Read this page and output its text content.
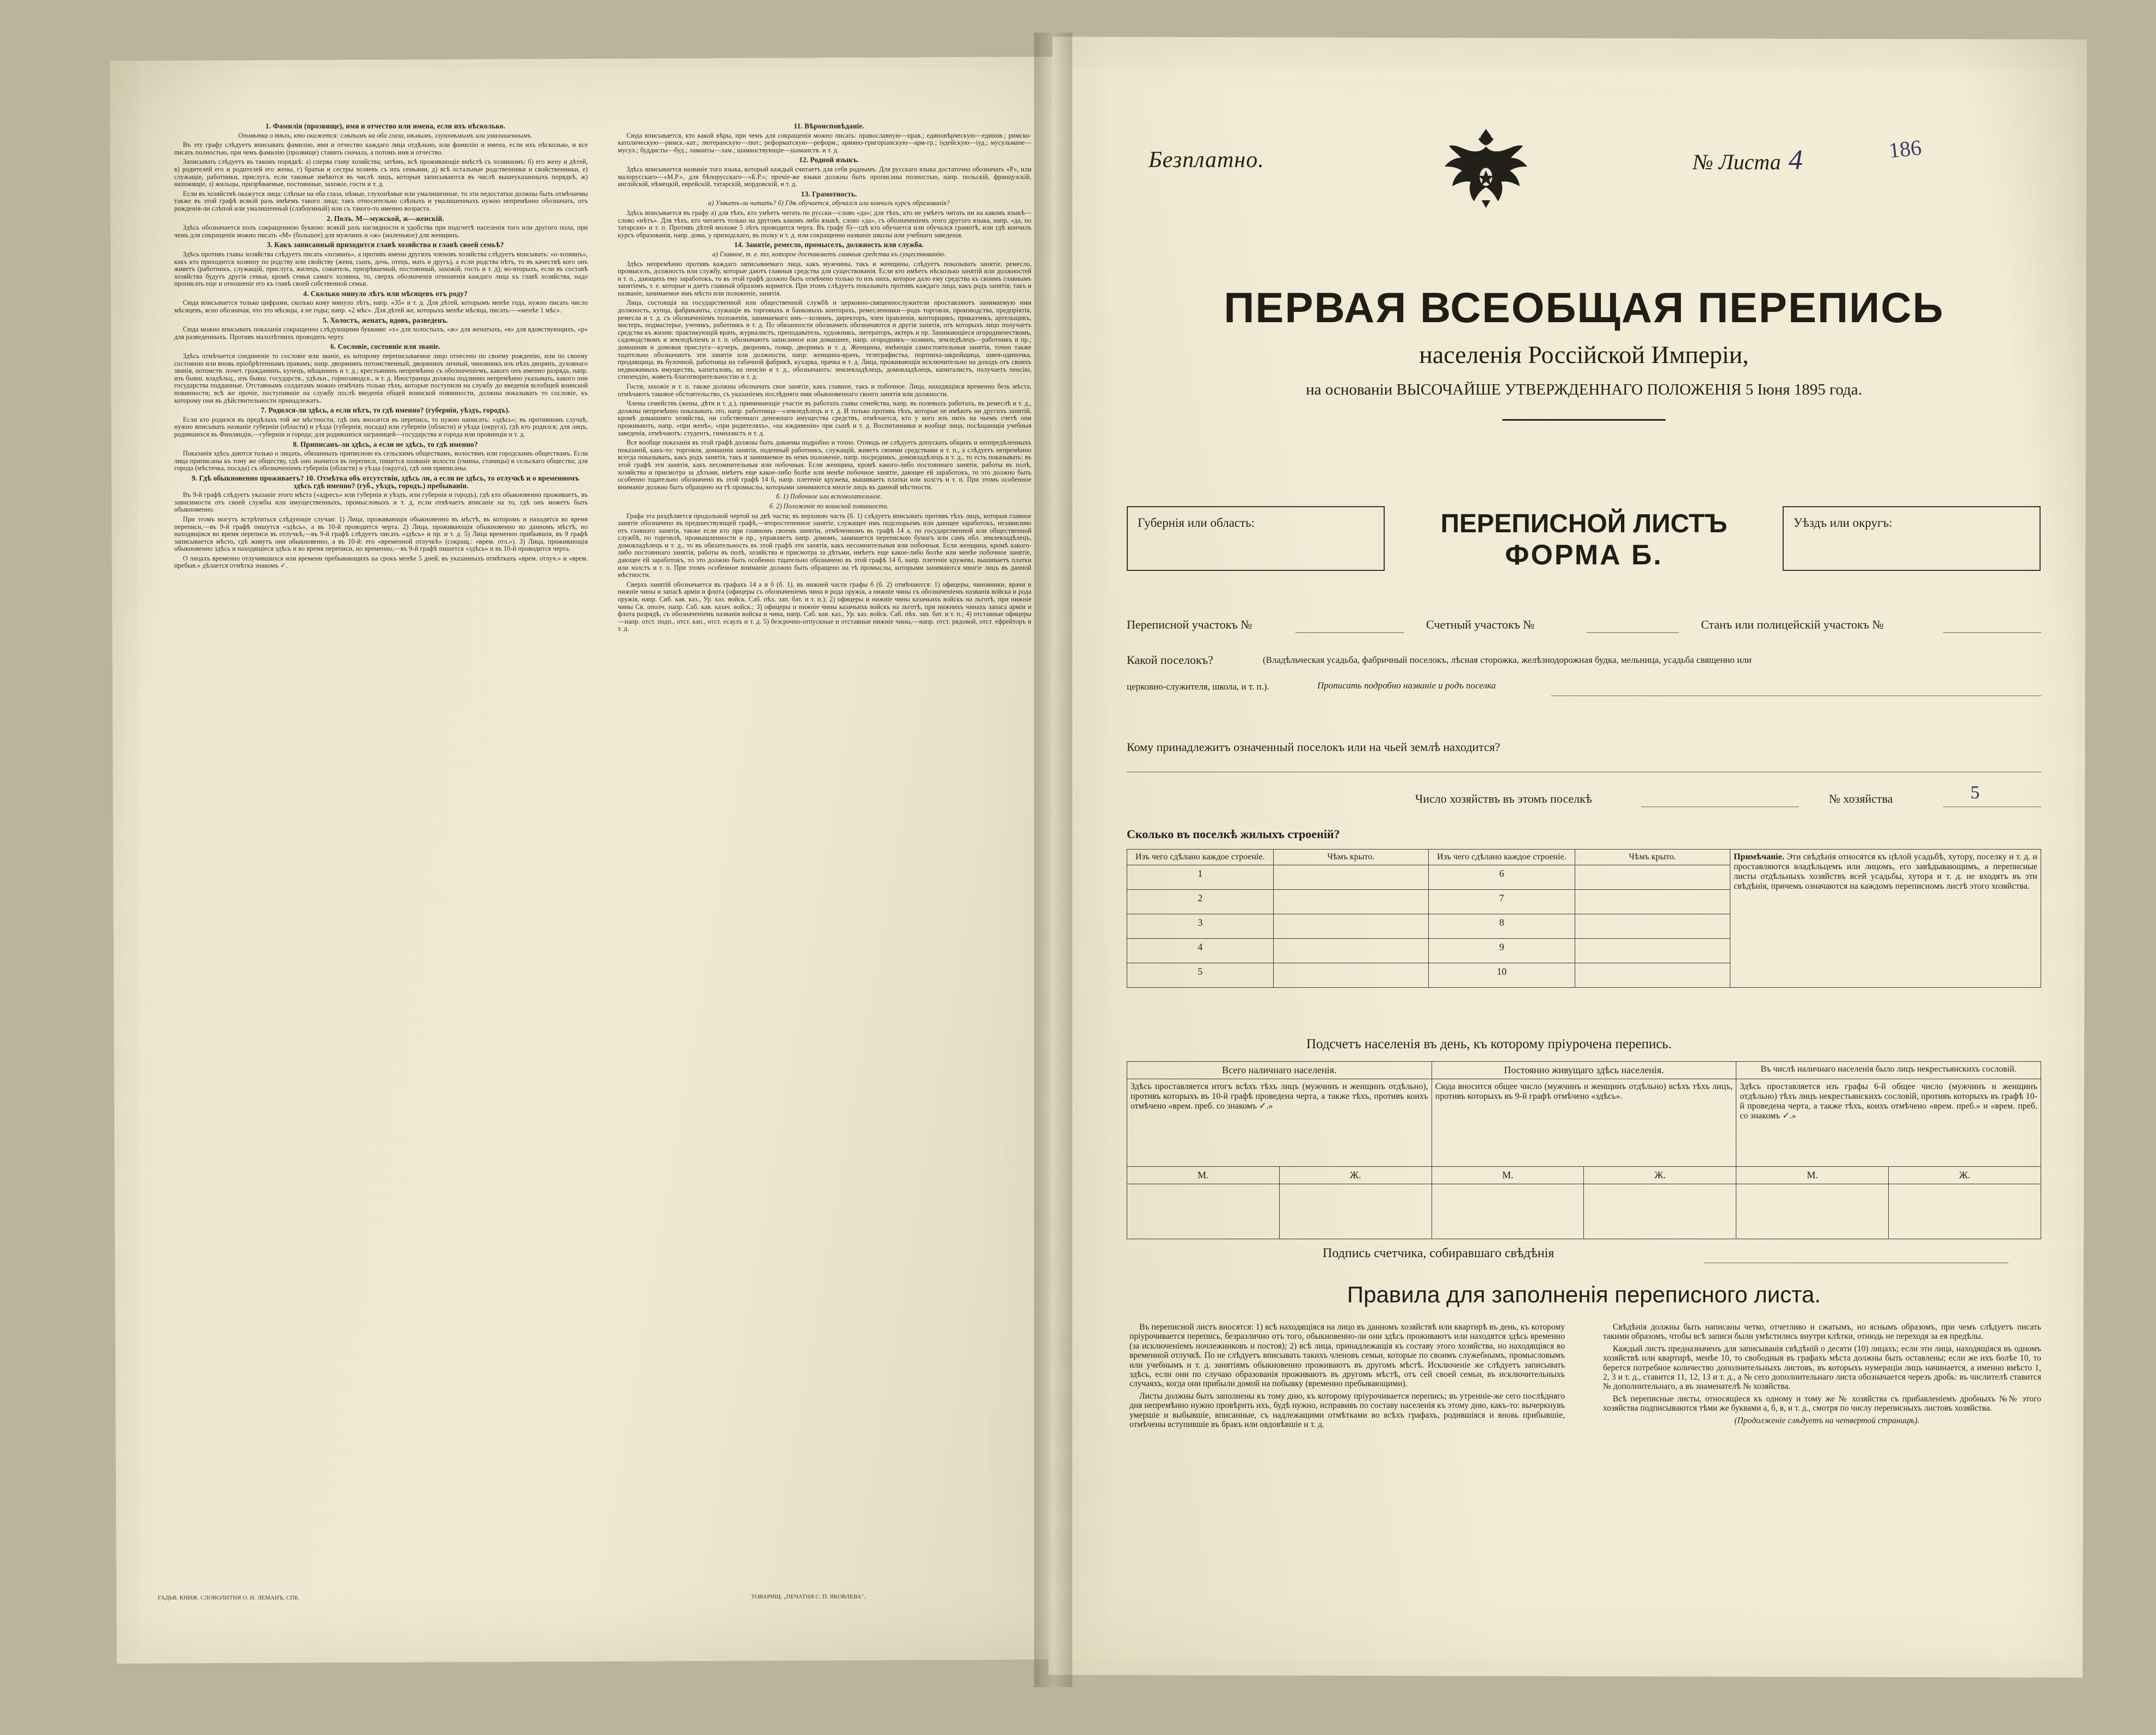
1. Фамилія (прозвище), имя и отчество или имена, если ихъ нѣсколько.

Отмѣтка о тѣхъ, кто окажется: слѣпымъ на оба глаза, нѣмымъ, глухонѣмымъ или умалишеннымъ.

Въ эту графу слѣдуетъ вписывать фамилію, имя и отчество каждаго лица отдѣльно, или фамилію и имена, если ихъ нѣсколько, и все писать полностью, при чемъ фамилію (прозвище) ставить сначала, а потомъ имя и отчество.

Записывать слѣдуетъ въ такомъ порядкѣ: а) сперва главу хозяйства; затѣмъ, всѣ проживающіе вмѣстѣ съ хозяиномъ: б) его жену и дѣтей, в) родителей его и родителей его жены, г) братьи и сестры хозяевъ съ ихъ семьями, д) всѣ остальные родственники и свойственники, е) служащіе, работники, прислуга, если таковые имѣются въ числѣ лицъ, которыя записываются въ числѣ вышеуказанныхъ порядкѣ, ж) нахожящіе, з) жильцы, призрѣваемые, постоянные, захожіе, гости и т. д.

Если въ хозяйствѣ окажутся лица: слѣпые на оба глаза, нѣмые, глухонѣмые или умалишенные, то эти недостатки должны быть отмѣчаемы также въ этой графѣ всякій разъ имѣемъ такого лица; такъ относительно слѣпыхъ и умалишенныхъ нужно непремѣнно обозначать, отъ рожденія-ли слѣпой или умалишенный (слабоумный) или съ такого-то именно возраста.

2. Полъ. М—мужской, ж—женскій.

Здѣсь обозначается полъ сокращенною буквою: всякій разъ наглядности и удобства при подсчетѣ населенія того или другого пола, при чемъ для сокращенія можно писать «М» (большое) для мужчинъ и «ж» (маленькое) для женщинъ.

3. Какъ записанный приходится главѣ хозяйства и главѣ своей семьѣ?

Здѣсь противъ главы хозяйства слѣдуетъ писать «хозяинъ», а противъ имени другихъ членовъ хозяйства слѣдуетъ вписывать: «о-хозяинъ», какъ кто приходится хозяину по родству или свойству (жена, сынъ, дочь, отецъ, мать и другъ), а если родства нѣтъ, то въ качествѣ кого онъ живетъ (работникъ, служащій, прислуга, жилецъ, сожитель, призрѣваемый, постоянный, захожій, гость и т. д); во-вторыхъ, если въ составѣ хозяйства будутъ другія семьи, кромѣ семьи самаго хозяина, то, сверхъ обозначенія отношенія каждаго лица къ главѣ хозяйства, надо прописать еще и отношеніе его къ главѣ своей собственной семьи.

4. Сколько минуло лѣтъ или мѣсяцевъ отъ роду?

Сюда вписывается только цифрами, сколько кому минуло лѣтъ, напр. «35» и т. д. Для дѣтей, которымъ менѣе года, нужно писать число мѣсяцевъ, ясно обозначая, что это мѣсяцы, а не годы; напр. «2 мѣс». Для дѣтей же, которыхъ менѣе мѣсяца, писать:—«менѣе 1 мѣс».

5. Холостъ, женатъ, вдовъ, разведенъ.

Сюда можно вписывать показанія сокращенно слѣдующими буквами: «х» для холостыхъ, «ж» для женатыхъ, «в» для вдовствующихъ, «р» для разведенныхъ. Противъ малолѣтнихъ проводить черту.

6. Сословіе, состояніе или званіе.

Здѣсь отмѣчается соединеніе то сословіе или званіе, къ которому переписываемое лицо отнесено по своему рожденію, или по своему состоянію или вновь пріобрѣтеннымъ правамъ; напр. дворянинъ потомственный, дворянинъ личный, чиновникъ изъ нѣхъ дворянъ, духовнаго званія, потомств. почет. гражданинъ, купецъ, мѣщанинъ и т. д.; крестьянинъ непремѣнно съ обозначеніемъ, какого онъ именно разряда, напр. изъ бывш. владѣльц., изъ бывш. государств., удѣльн., горнозаводск., и т. д. Иностранцы должны подлинно непремѣнно указывать, какого они государства подданные. Отставнымъ солдатамъ можно отмѣчать только тѣхъ, которые поступили на службу до введенія всеобщей воинской повинности; всѣ же прочіе, поступившіе на службу послѣ введенія общей воинской повинности, должны показывать то сословіе, къ которому они въ дѣйствительности принадлежатъ.

7. Родился-ли здѣсь, а если нѣтъ, то гдѣ именно? (губернія, уѣздъ, городъ).

Если кто родился въ предѣлахъ той же мѣстности, гдѣ онъ вносится въ перепись, то нужно написать: «здѣсь»; въ противномъ случаѣ, нужно вписывать названіе губерніи (области) и уѣзда (губернія, посада) или губерніи (области) и уѣзда (округа), гдѣ кто родился; для лицъ, родившихся въ Финляндіи,—губерніи и города; для родившихся заграницей—государства и города или провинціи и т. д.

8. Приписанъ-ли здѣсь, а если не здѣсь, то гдѣ именно?

Показанія здѣсь даются только о лицахъ, обязанныхъ приписною къ сельскимъ обществамъ, волостямъ или городскимъ обществамъ. Если лица приписаны къ тому же обществу, гдѣ оно значится въ переписи, пишется названіе волости (гмины, станицы) и сельскаго общества; для города (мѣстечка, посада) съ обозначеніемъ губерніи (области) и уѣзда (округа), гдѣ они приписаны.

9. Гдѣ обыкновенно проживаетъ? 10. Отмѣтка объ отсутствіи, здѣсь ли, а если не здѣсь, то отлучкѣ и о временномъ здѣсь гдѣ именно? (губ., уѣздъ, городъ.) пребываніи.

Въ 9-й графѣ слѣдуетъ указаніе этого мѣста («адресъ» или губернія и уѣздъ, или губернія и городъ), гдѣ кто обыкновенно проживаетъ, въ зависимости отъ своей службы или имущественныхъ, промысловыхъ и т. д, если отвѣчаетъ вписаніе на то, гдѣ онъ можетъ быть обыкновенно.

При этомъ могутъ встрѣтиться слѣдующіе случаи: 1) Лица, проживающія обыкновенно въ мѣстѣ, въ которомъ и находятся во время переписи,—въ 9-й графѣ пишутся «здѣсь», а въ 10-й проводится черта. 2) Лица, проживающія обыкновенно во данномъ мѣстѣ, но находящіяся во время переписи въ отлучкѣ,—въ 9-й графѣ слѣдуетъ писать «здѣсь» и пр. и т. д. 5) Лица временно прибывшія, въ 9 графѣ записывается мѣсто, гдѣ живутъ они обыкновенно, а въ 10-й: его «временной отлучкѣ» (сокращ.: «врем. отл.»). 3) Лица, проживающія обыкновенно здѣсь и находящіеся здѣсь и во время переписи, но временно,—въ 9-й графѣ пишется «здѣсь» и въ 10-й проводится черта.

О лицахъ временно отлучившихся или времени пребывающихъ на срокъ менѣе 5 дней, въ указанныхъ отмѣткахъ «врем. отлуч.» и «врем. пребыв.» дѣлается отмѣтка знакомъ ✓.

11. Вѣроисповѣданіе.

Сюда вписывается, кто какой вѣры, при чемъ для сокращенія можно писать: православную—прав.; единовѣрческую—единов.; римско-католическую—римск.-кат.; лютеранскую—лют.; реформатскую—реформ.; армяно-григоріанскую—арм-гр.; іудейскую—іуд.; мусульмане—мусул.; буддисты—буд.; ламаиты—лам.; шаманствующіе—шаманств. и т. д.

12. Родной языкъ.

Здѣсь вписывается названіе того языка, который каждый считаетъ для себя роднымъ. Для русскаго языка достаточно обозначать «Р», или малорусскаго—«М.Р.», для бѣлорусскаго—«Б.Р.»; прочіе-же языки должны быть прописаны полностью, напр. польскій, французскій, англійскій, нѣмецкій, еврейскій, татарскій, мордовскій, и т. д.

13. Грамотность.

а) Умѣетъ-ли читать? б) Гдѣ обучается, обучался или кончилъ курсъ образованія?

Здѣсь вписывается въ графу а) для тѣхъ, кто умѣетъ читать по русски—слово «да»; для тѣхъ, кто не умѣетъ читать ни на какомъ языкѣ—слово «нѣтъ». Для тѣхъ, кто читаетъ только на другомъ какомъ либо языкѣ, слово «да», съ обозначеніемъ этого другого языка, напр. «да, по татарски» и т. п. Противъ дѣтей моложе 5 лѣтъ проводится черта. Въ графу б)—гдѣ кто обучается или обучался грамотѣ, или гдѣ кончилъ курсъ образованія, напр. дома, у приходскаго, въ полку и т. д. или сокращенно названіе школы или учебнаго заведенія.

14. Занятіе, ремесло, промыселъ, должность или служба.

а) Главное, т. е. то, которое доставляетъ главныя средства къ существованію.

Здѣсь непремѣнно противъ каждаго записываемаго лица, какъ мужчины, такъ и женщины, слѣдуетъ показывать занятіе, ремесло, промыселъ, должность или службу, которые даютъ главныя средства для существованія. Если кто имѣетъ нѣсколько занятій или должностей и т. п., дающихъ ему заработокъ, то въ этой графѣ должно быть отмѣчено только то изъ нихъ, которое дало ему средства къ своимъ главнымъ занятіемъ, т. е. которые и даетъ главный образомъ кормятся. При этомъ слѣдуетъ показывать противъ каждаго лица, какъ родъ занятія, такъ и названіе, занимаемое имъ мѣсто или положеніе, занятія.

Лица, состоящія на государственной или общественной службѣ и церковно-священнослужители проставляютъ занимаемую ими должность, купца, фабриканты, служащіе въ торговыхъ и банковыхъ конторахъ, ремесленники—родъ торговли, производства, предпріятія, ремесла и т. д. съ обозначеніемъ положенія, занимаемаго имъ—хозяинъ, директоръ, член правленія, конторщикъ, приказчикъ, артельщикъ, мастеръ, подмастерье, ученикъ, работникъ и т. д. По обязанности обозначить обозначаются и другія занятія, отъ которыхъ лицо получаетъ средства къ жизни: практикующій врачъ, журналистъ, преподаватель, художникъ, литераторъ, актеръ и пр. Занимающіеся огородничествомъ, садоводствомъ и земледѣліемъ и т. п. обозначаютъ записанное или домашнее, напр. огородникъ—хозяинъ, земледѣлецъ—работникъ и пр.; домашняя и домовая прислуга—кучеръ, дворникъ, повар, дворникъ и т. д. Женщины, имѣющія самостоятельныя занятія, точно также тщательно обозначаютъ эти занятія или должности, напр: женщина-врачъ, телеграфистка, портниха-закройщица, швея-одиночка, продавщица, въ булочной, работница на табачной фабрикѣ, кухарка, прачка и т. д. Лица, проживающія исключительно на доходъ отъ своихъ недвижимыхъ имуществъ, капиталовъ, на пенсію и т. д., обозначаютъ: землевладѣлецъ, домовладѣлецъ, капиталистъ, получаетъ пенсію, стипендію, живетъ благотворительностію и т. д.

Гости, захожіе и т. п. также должны обозначать свое занятіе, какъ главное, такъ и побочное. Лица, находящіяся временно безъ мѣста, отмѣчаютъ таковое обстоятельство, съ указаніемъ послѣдняго ими обыкновеннаго своего занятія или должности.

Члены семействъ (жены, дѣти и т. д.), принимающіе участіе въ работахъ главы семейства, напр. въ полевыхъ работахъ, въ ремеслѣ и т. д., должны непремѣнно показывать это, напр. работница—«земледѣлецъ и т. д. И только противъ тѣхъ, которые не имѣютъ ни другихъ занятій, кромѣ домашняго хозяйства, ни собственнаго денежнаго имущества средствъ, отмѣчается, кто у кого изъ нихъ на чьемъ счетѣ они проживаютъ, напр. «при женѣ», «при родителяхъ», «на иждивеніи» при сынѣ и т. д. Воспитанники и вообще лица, посѣщающія учебныя заведенія, отмѣчаютъ: студентъ, гимназистъ и т. д.

Все вообще показанія въ этой графѣ должны быть даваемы подробно и точно. Отнюдь не слѣдуетъ допускать общихъ и неопредѣленныхъ показаній, какъ-то: торговля, домашнія занятія, поденный работникъ, служащій, живетъ своими средствами и т. п., а слѣдуетъ непремѣнно всегда показывать, какъ родъ занятія, такъ и занимаемое въ немъ положеніе, напр. посредникъ, домовладѣлецъ и т. д., то есть показывать: въ этой графѣ эти занятія, какъ несомнительныя или побочныя. Если женщина, кромѣ какого-либо постояннаго занятія, работы въ полѣ, хозяйства и присмотра за дѣтьми, имѣетъ еще какое-либо болѣе или менѣе побочное занятіе, дающее ей заработокъ, то это должно быть особенно тщательно обозначено въ этой графѣ 14 б, напр. плетеніе кружева, вышиваетъ платки или холстъ и т. п. При этомъ особенное вниманіе должно быть обращено на тѣ промыслы, которыми занимаются многіе лицъ въ данной мѣстности.

б. 1) Побочное или вспомогательное.

б. 2) Положеніе по воинской повинности.

Графа эта раздѣляется продольной чертой на двѣ части; въ верхнюю часть (б. 1) слѣдуетъ вписывать противъ тѣхъ лицъ, которыя главное занятіе обозначено въ предшествующей графѣ,—второстепенное занятіе, служащее имъ подспорьемъ или дающее заработокъ, независимо отъ главнаго занятія, также если кто при главномъ своемъ занятіи, отмѣченномъ въ графѣ 14 а, по государственной или общественной службѣ, по торговлѣ, промышленности и пр., управляетъ напр. домомъ, занимается перепискою бумагъ или самъ обл. землевладѣлецъ, домовладѣлецъ и т. д., то въ обязательность въ этой графѣ эти занятія, какъ несомнительныя или побочныя. Если женщина, кромѣ какого-либо постояннаго занятія, работы въ полѣ, хозяйства и присмотра за дѣтьми, имѣетъ еще какое-либо болѣе или менѣе побочное занятіе, дающее ей заработокъ, то это должно быть особенно тщательно обозначено въ этой графѣ 14 б, напр. плетеніе кружева, вышиваетъ платки или холстъ и т. п. При этомъ особенное вниманіе должно быть обращено на тѣ промыслы, которыми занимаются многіе лицъ въ данной мѣстности.

Сверхъ занятій обозначается въ графахъ 14 а и б (б. 1), въ нижней части графы б (б. 2) отмѣчаются: 1) офицеры, чиновники, врачи и нижніе чины и запасѣ арміи и флота (офицеры съ обозначеніемъ чина и рода оружія, а нижніе чины съ обозначеніемъ названія войска и рода оружія, напр. Сиб. кав. каз., Ур. каз. войск. Саб. пѣх. зап. бат. и т. п.); 2) офицеры и нижніе чины казачьихъ войскъ на льготѣ, при нижніе чины Св. ополч. напр. Саб. кав. казач. войск.; 3) офицеры и нижніе чины казачьихъ войскъ на льготѣ, при нижнихъ чинахъ запаса арміи и флота разрядѣ, съ обозначеніемъ названія войска и чина, напр. Саб. кав. каз., Ур. каз. войск. Саб. пѣх. зап. бат. и т. п.; 4) отставные офицеры—напр. отст. подп., отст. кап., отст. есаулъ и т. д. 5) безсрочно-отпускные и отставные нижніе чины,—напр. отст. рядовой, отст. ефрейторъ и т. д.

ГАДЬВ. КНИЖ. СЛОВОЛИТНЯ О. И. ЛЕМАНЪ, СПБ.	ТОВАРИЩ. „ПЕЧАТНЯ С. П. ЯКОВЛЕВА".
Безплатно.	№ Листа 4	186
ПЕРВАЯ ВСЕОБЩАЯ ПЕРЕПИСЬ
населенія Россійской Имперіи,
на основаніи ВЫСОЧАЙШЕ УТВЕРЖДЕННАГО ПОЛОЖЕНІЯ 5 Іюня 1895 года.
Губернія или область:	Уѣздъ или округъ:
ПЕРЕПИСНОЙ ЛИСТЪ
ФОРМА Б.
Переписной участокъ №	Счетный участокъ №	Станъ или полицейскій участокъ №
Какой поселокъ?	(Владѣльческая усадьба, фабричный поселокъ, лѣсная сторожка, желѣзнодорожная будка, мельница, усадьба священно или
церковно-служителя, школа, и т. п.).	Прописать подробно названіе и родъ поселка
Кому принадлежитъ означенный поселокъ или на чьей землѣ находится?
Число хозяйствъ въ этомъ поселкѣ	№ хозяйства	5
Сколько въ поселкѣ жилыхъ строеній?
Изъ чего сдѣлано каждое строеніе.	Чѣмъ крыто.	Изъ чего сдѣлано каждое строеніе.	Чѣмъ крыто.	Примѣчаніе. Эти свѣдѣнія относятся къ цѣлой усадьбѣ, хутору, поселку и т. д. и проставляются владѣльцемъ или лицомъ, его завѣдывающимъ, а переписные листы отдѣльныхъ хозяйствъ всей усадьбы, хутора и т. д. не входятъ въ эти свѣдѣнія, причемъ означаются на каждомъ переписномъ листѣ этого хозяйства.
1		6		
2		7		
3		8		
4		9		
5		10		
Подсчетъ населенія въ день, къ которому пріурочена перепись.
Всего наличнаго населенія.		Постоянно живущаго здѣсь населенія.		Въ числѣ наличнаго населенія было лицъ некрестьянскихъ сословій.	
Здѣсь проставляется итогъ всѣхъ тѣхъ лицъ (мужчинъ и женщинъ отдѣльно), противъ которыхъ въ 10-й графѣ проведена черта, а также тѣхъ, противъ коихъ отмѣчено «врем. преб. со знакомъ ✓.»		Сюда вносится общее число (мужчинъ и женщинъ отдѣльно) всѣхъ тѣхъ лицъ, противъ которыхъ въ 9-й графѣ отмѣчено «здѣсь».		Здѣсь проставляется изъ графы 6-й общее число (мужчинъ и женщинъ отдѣльно) тѣхъ лицъ некрестьянскихъ сословій, противъ которыхъ въ графѣ 10-й проведена черта, а также тѣхъ, коихъ отмѣчено «врем. преб.» и «врем. преб. со знакомъ ✓.»	
М.	Ж.	М.	Ж.	М.	Ж.

Подпись счетчика, собиравшаго свѣдѣнія
Правила для заполненія переписного листа.

Въ переписной листъ вносятся: 1) всѣ находящіяся на лицо въ данномъ хозяйствѣ или квартирѣ въ день, къ которому пріурочивается перепись, безразлично отъ того, обыкновенно-ли они здѣсь проживаютъ или находятся здѣсь временно (за исключеніемъ ночлежниковъ и постоя); 2) всѣ лица, принадлежащія къ составу этого хозяйства, но находящіяся во временной отлучкѣ. По не слѣдуетъ вписывать такихъ членовъ семьи, которые по своимъ служебнымъ, промысловымъ или учебнымъ и т. д. занятіямъ обыкновенно проживаютъ въ другомъ мѣстѣ. Исключеніе же слѣдуетъ записывать здѣсь, если они по случаю образованія проживаютъ въ другомъ мѣстѣ, отъ сей своей семьи, въ исключительныхъ случаяхъ, когда они прибыли домой на побывку (временно пребывающими).

Листы должны быть заполнены къ тому дню, къ которому пріурочивается перепись; въ утренніе-же сего послѣдняго дня непремѣнно нужно провѣрить ихъ, будѣ нужно, исправивъ по составу населенія къ этому дню, какъ-то: вычеркнувъ умершіе и выбывшіе, вписанные, съ надлежащими отмѣтками во всѣхъ графахъ, родившіяся и вновь прибывшіе, отмѣчены вступившіе въ бракъ или овдовѣвшіе и т. д.

Свѣдѣнія должны быть написаны четко, отчетливо и сжатымъ, но яснымъ образомъ, при чемъ слѣдуетъ писать такими образомъ, чтобы всѣ записи были умѣстились внутри клѣтки, отнюдь не переходя за ея предѣлы.

Каждый листъ предназначенъ для записыванія свѣдѣній о десяти (10) лицахъ; если эти лица, находящіяся въ одномъ хозяйствѣ или квартирѣ, менѣе 10, то свободныя въ графахъ мѣста должны быть оставлены; если же ихъ болѣе 10, то берется потребное количество дополнительныхъ листовъ, въ которыхъ нумераціи лицъ начинается, а именно вмѣсто 1, 2, 3 и т. д., ставится 11, 12, 13 и т. д., а № сего дополнительнаго листа обозначается черезъ дробь: въ числителѣ ставится № дополнительнаго, а въ знаменателѣ № хозяйства.

Всѣ переписные листы, относящіеся къ одному и тому же № хозяйства съ прибавленіемъ дробныхъ №№ этого хозяйства подписываются тѣми же буквами а, б, в, и т. д., смотря по числу переписныхъ листовъ хозяйства.

(Продолженіе слѣдуетъ на четвертой страницѣ).
